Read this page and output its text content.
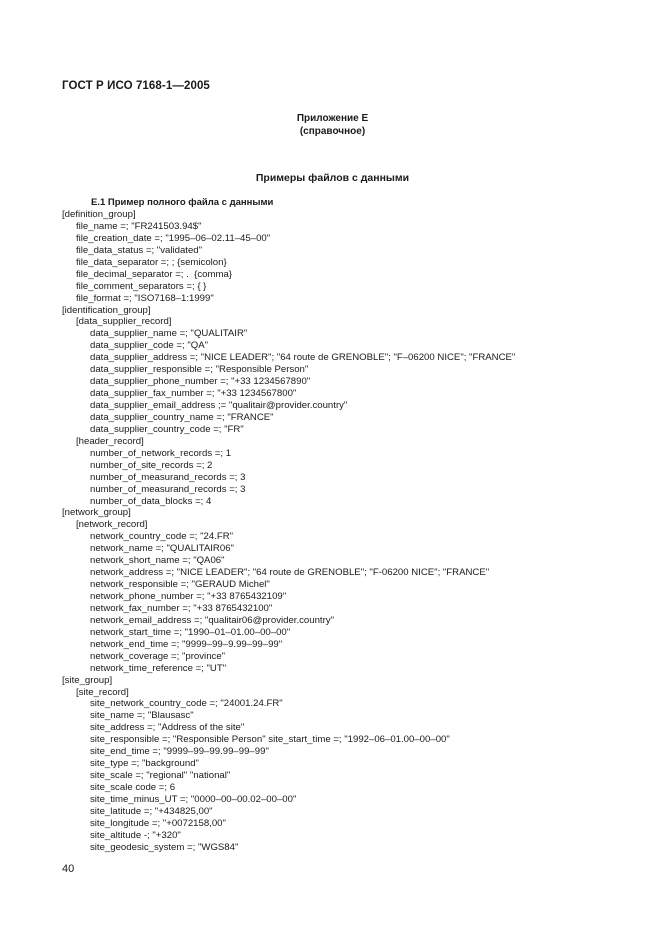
ГОСТ Р ИСО 7168-1—2005
Приложение Е
(справочное)
Примеры файлов с данными
Е.1 Пример полного файла с данными
[definition_group]
file_name =; "FR241503.94$"
file_creation_date =; "1995–06–02.11–45–00"
file_data_status =; "validated"
file_data_separator =; ; {semicolon}
file_decimal_separator =; .  {comma}
file_comment_separators =; { }
file_format =; "ISO7168–1:1999"
[identification_group]
[data_supplier_record]
data_supplier_name =; "QUALITAIR"
data_supplier_code =; "QA"
data_supplier_address =; "NICE LEADER"; "64 route de GRENOBLE"; "F–06200 NICE"; "FRANCE"
data_supplier_responsible =; "Responsible Person"
data_supplier_phone_number =; "+33 1234567890"
data_supplier_fax_number =; "+33 1234567800"
data_supplier_email_address ;= "qualitair@provider.country"
data_supplier_country_name =; "FRANCE"
data_supplier_country_code =; "FR"
[header_record]
number_of_network_records =; 1
number_of_site_records =; 2
number_of_measurand_records =; 3
number_of_measurand_records =; 3
number_of_data_blocks =; 4
[network_group]
[network_record]
network_country_code =; "24.FR"
network_name =; "QUALITAIR06"
network_short_name =; "QA06"
network_address =; "NICE LEADER"; "64 route de GRENOBLE"; "F-06200 NICE"; "FRANCE"
network_responsible =; "GERAUD Michel"
network_phone_number =; "+33 8765432109"
network_fax_number =; "+33 8765432100"
network_email_address =; "qualitair06@provider.country"
network_start_time =; "1990–01–01.00–00–00"
network_end_time =; "9999–99–9.99–99–99"
network_coverage =; "province"
network_time_reference =; "UT"
[site_group]
[site_record]
site_network_country_code =; "24001.24.FR"
site_name =; "Blausasc"
site_address =; "Address of the site"
site_responsible =; "Responsible Person" site_start_time =; "1992–06–01.00–00–00"
site_end_time =; "9999–99–99.99–99–99"
site_type =; "background"
site_scale =; "regional" "national"
site_scale code =; 6
site_time_minus_UT =; "0000–00–00.02–00–00"
site_latitude =; "+434825,00"
site_longitude =; "+0072158,00"
site_altitude -; "+320"
site_geodesic_system =; "WGS84"
40
